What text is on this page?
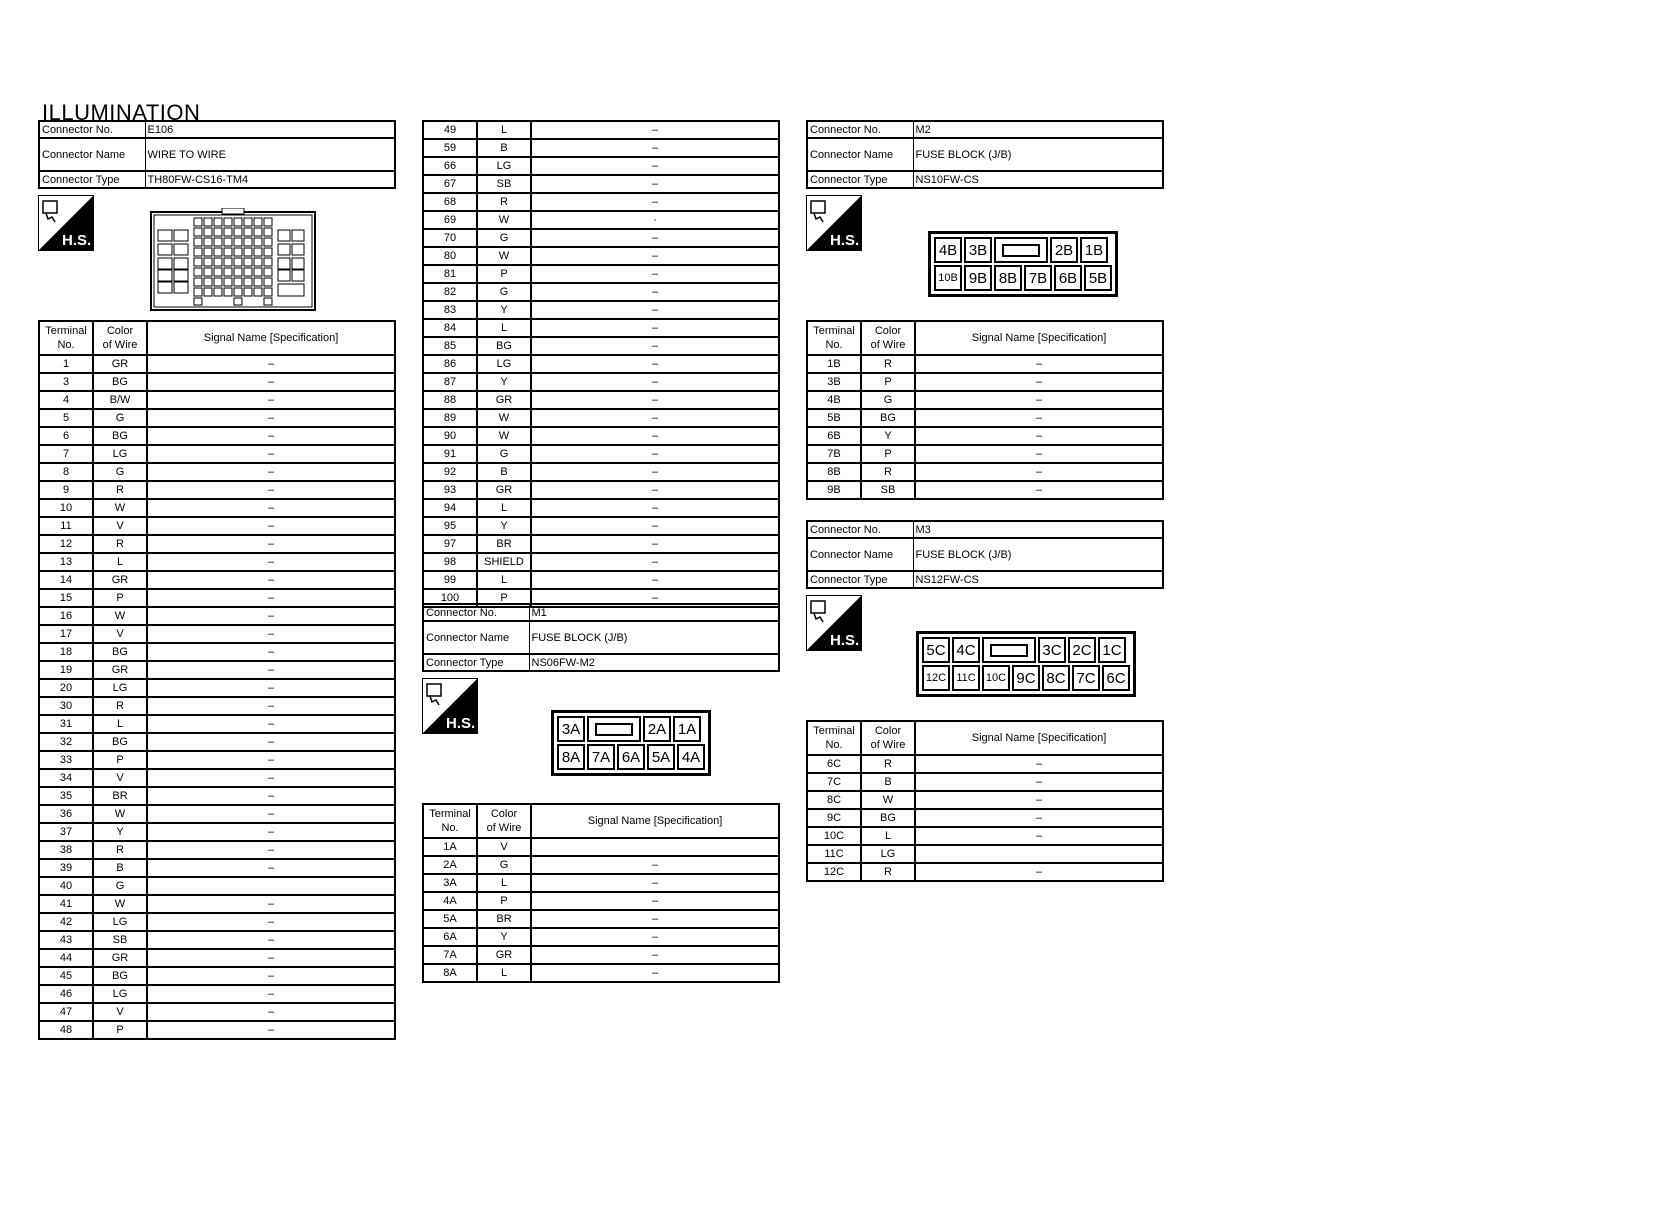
ILLUMINATION
Connector No.	E106
Connector Name	WIRE TO WIRE
Connector Type	TH80FW-CS16-TM4
H.S.
Terminal
No.	Color
of Wire	Signal Name [Specification]
1	GR	–
3	BG	–
4	B/W	–
5	G	–
6	BG	–
7	LG	–
8	G	–
9	R	–
10	W	–
11	V	–
12	R	–
13	L	–
14	GR	–
15	P	–
16	W	–
17	V	–
18	BG	–
19	GR	–
20	LG	–
30	R	–
31	L	–
32	BG	–
33	P	–
34	V	–
35	BR	–
36	W	–
37	Y	–
38	R	–
39	B	–
40	G	
41	W	–
42	LG	–
43	SB	–
44	GR	–
45	BG	–
46	LG	–
47	V	–
48	P	–
49	L	–
59	B	–
66	LG	–
67	SB	–
68	R	–
69	W	·
70	G	–
80	W	–
81	P	–
82	G	–
83	Y	–
84	L	–
85	BG	–
86	LG	–
87	Y	–
88	GR	–
89	W	–
90	W	–
91	G	–
92	B	–
93	GR	–
94	L	–
95	Y	–
97	BR	–
98	SHIELD	–
99	L	–
100	P	–
Connector No.	M1
Connector Name	FUSE BLOCK (J/B)
Connector Type	NS06FW-M2
H.S.	3A	2A 1A
8A 7A 6A 5A 4A
Terminal
No.	Color
of Wire	Signal Name [Specification]
1A	V	
2A	G	–
3A	L	–
4A	P	–
5A	BR	–
6A	Y	–
7A	GR	–
8A	L	–
Connector No.	M2
Connector Name	FUSE BLOCK (J/B)
Connector Type	NS10FW-CS
H.S.
4B 3B	2B 1B
10B 9B 8B 7B 6B 5B
Terminal
No.	Color
of Wire	Signal Name [Specification]
1B	R	–
3B	P	–
4B	G	–
5B	BG	–
6B	Y	–
7B	P	–
8B	R	–
9B	SB	–
Connector No.	M3
Connector Name	FUSE BLOCK (J/B)
Connector Type	NS12FW-CS
H.S.
5C 4C	3C 2C 1C
12C 11C 10C 9C 8C 7C 6C
Terminal
No.	Color
of Wire	Signal Name [Specification]
6C	R	–
7C	B	–
8C	W	–
9C	BG	–
10C	L	–
11C	LG	
12C	R	–
